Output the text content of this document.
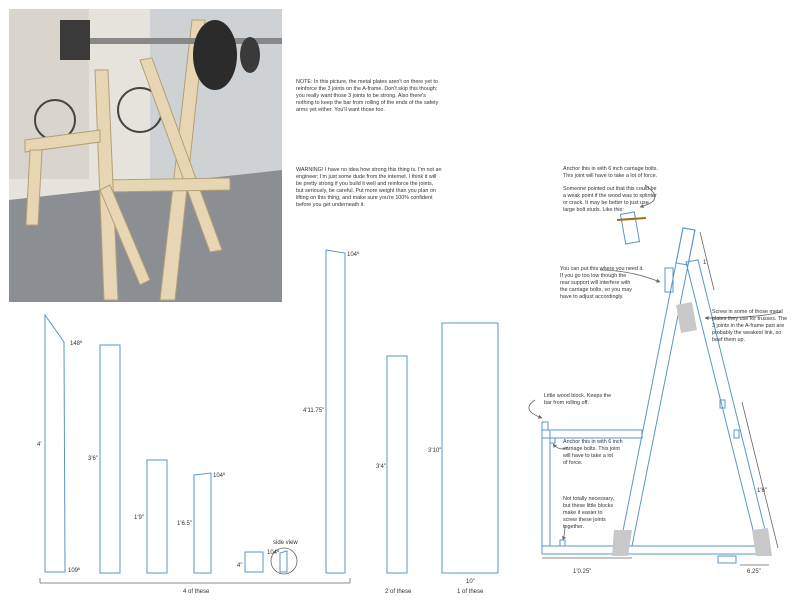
NOTE: In this picture, the metal plates aren't on there yet to
reinforce the 3 joints on the A-frame. Don't skip this though;
you really want those 3 joints to be strong. Also there's
nothing to keep the bar from rolling of the ends of the safety
arms yet either. You'll want those too.
WARNING! I have no idea how strong this thing is. I'm not an
engineer; I'm just some dude from the internet. I think it will
be pretty strong if you build it well and reinforce the joints,
but seriously, be careful. Put more weight than you plan on
lifting on this thing, and make sure you're 100% confident
before you get underneath it.
148º
4'
109º
3'6"
1'9"
104º
1'6.5"
4"
side view
104º
104º
4'11.75"
3'4"
3'10"
10"
4 of these	2 of these	1 of these
1'
1'6"
1'0.25"	6.25"
Anchor this in with 6 inch carriage bolts.
This joint will have to take a lot of force.
Someone pointed out that this could be
a weak point if the wood was to splinter
or crack. It may be better to just use
large bolt studs. Like this:
You can put this where you need it.
If you go too low though the
rear support will interfere with
the carriage bolts, so you may
have to adjust accordingly.
Screw in some of those metal
plates they use for trusses. The
3 joints in the A-frame part are
probably the weakest link, so
beef them up.
Little wood block. Keeps the
bar from rolling off.
Anchor this in with 6 inch
carriage bolts. This joint
will have to take a lot
of force.
Not totally necessary,
but these little blocks
make it easier to
screw these joints
together.
